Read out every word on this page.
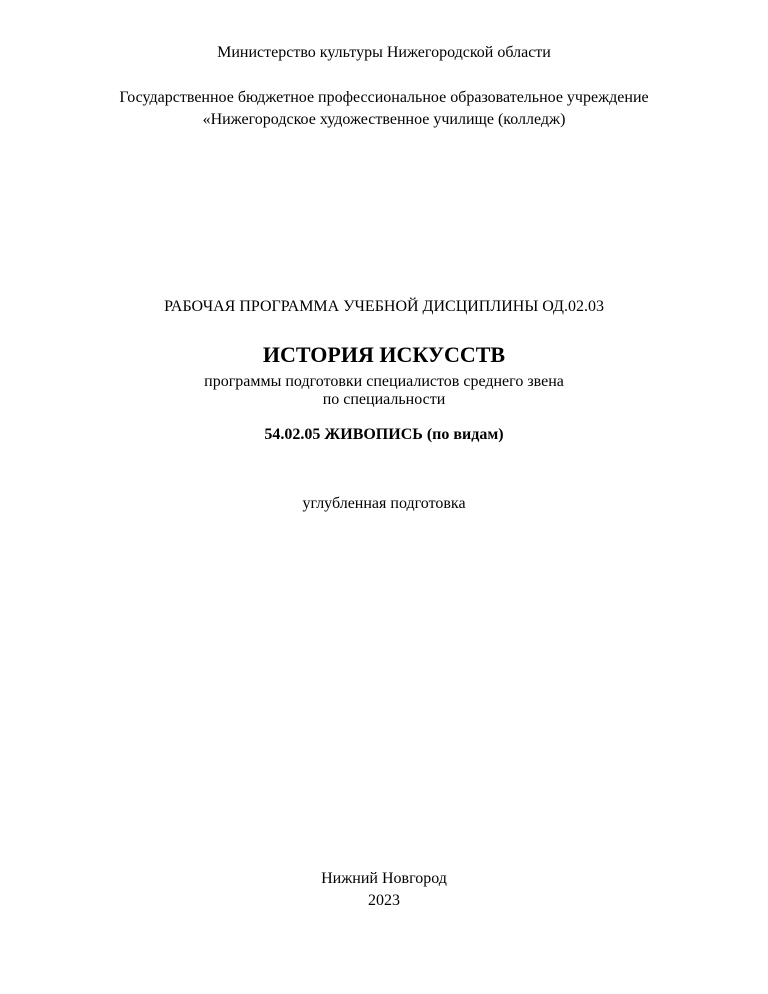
Министерство культуры Нижегородской области
Государственное бюджетное профессиональное образовательное учреждение
«Нижегородское художественное училище (колледж)
РАБОЧАЯ ПРОГРАММА УЧЕБНОЙ ДИСЦИПЛИНЫ ОД.02.03
ИСТОРИЯ ИСКУССТВ
программы подготовки специалистов среднего звена
по специальности
54.02.05 ЖИВОПИСЬ (по видам)
углубленная подготовка
Нижний Новгород
2023
